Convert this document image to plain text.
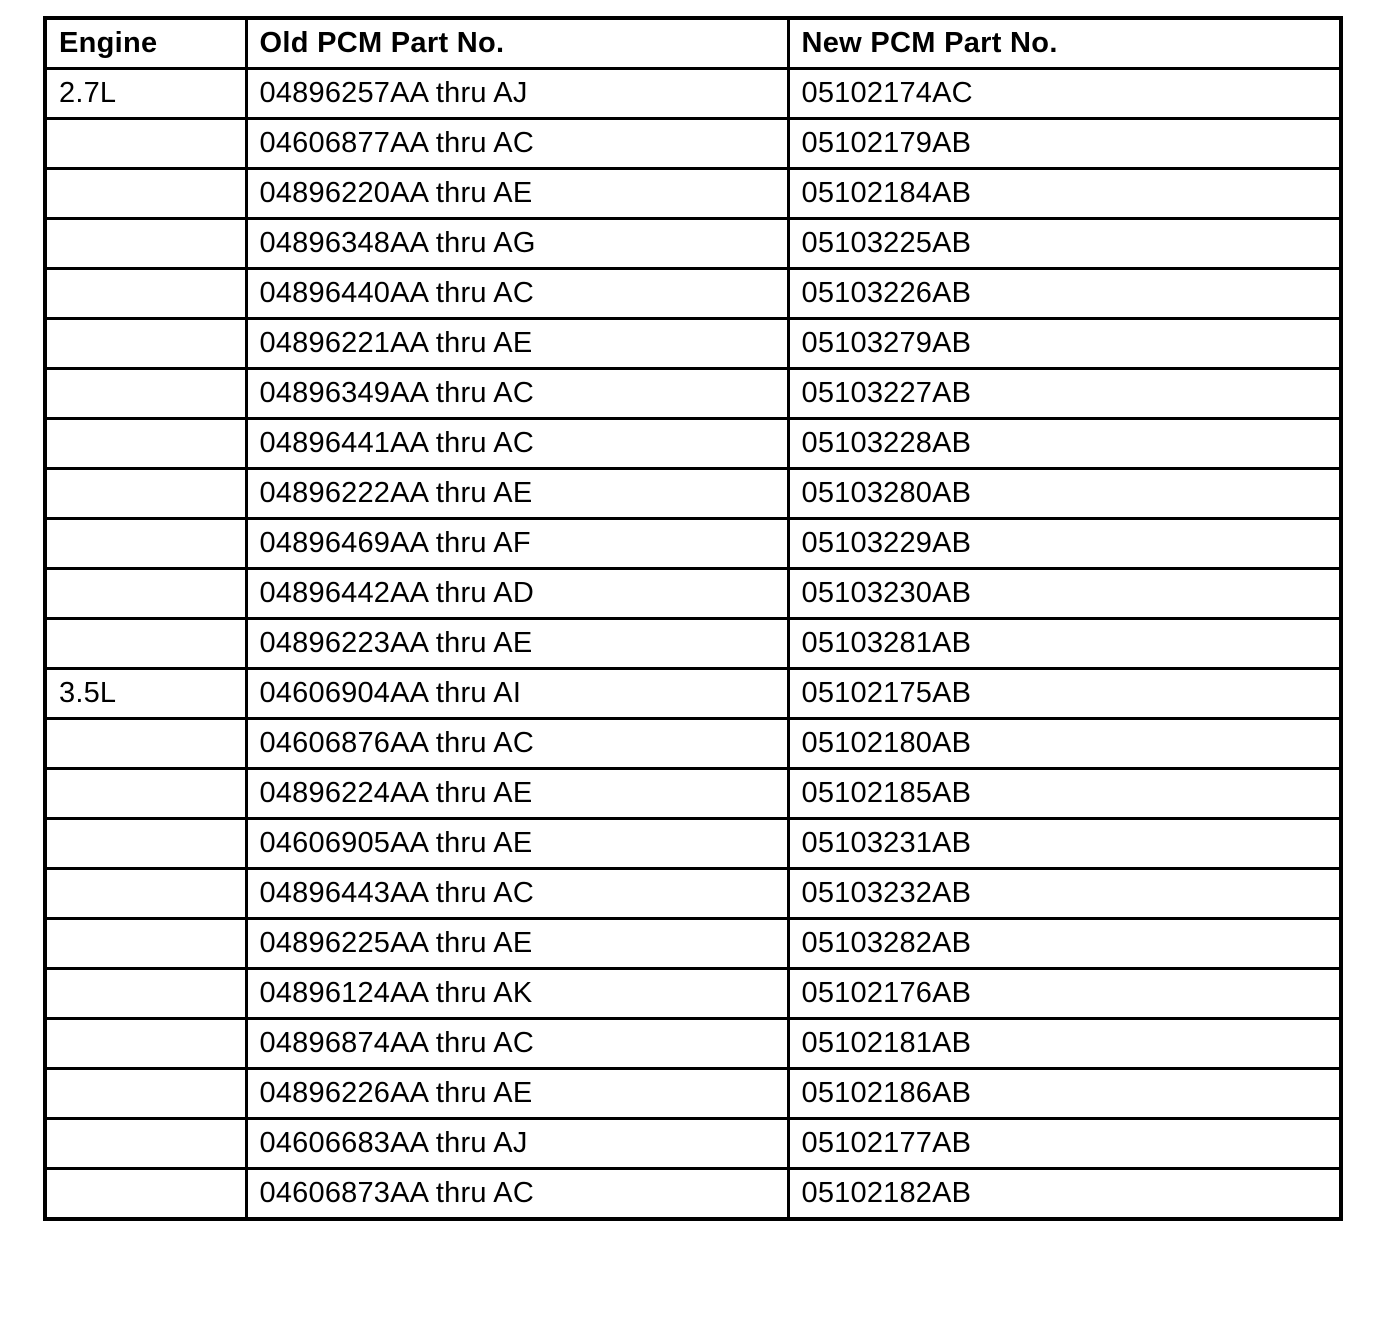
Engine	Old PCM Part No.	New PCM Part No.
2.7L	04896257AA thru AJ	05102174AC
	04606877AA thru AC	05102179AB
	04896220AA thru AE	05102184AB
	04896348AA thru AG	05103225AB
	04896440AA thru AC	05103226AB
	04896221AA thru AE	05103279AB
	04896349AA thru AC	05103227AB
	04896441AA thru AC	05103228AB
	04896222AA thru AE	05103280AB
	04896469AA thru AF	05103229AB
	04896442AA thru AD	05103230AB
	04896223AA thru AE	05103281AB
3.5L	04606904AA thru AI	05102175AB
	04606876AA thru AC	05102180AB
	04896224AA thru AE	05102185AB
	04606905AA thru AE	05103231AB
	04896443AA thru AC	05103232AB
	04896225AA thru AE	05103282AB
	04896124AA thru AK	05102176AB
	04896874AA thru AC	05102181AB
	04896226AA thru AE	05102186AB
	04606683AA thru AJ	05102177AB
	04606873AA thru AC	05102182AB
